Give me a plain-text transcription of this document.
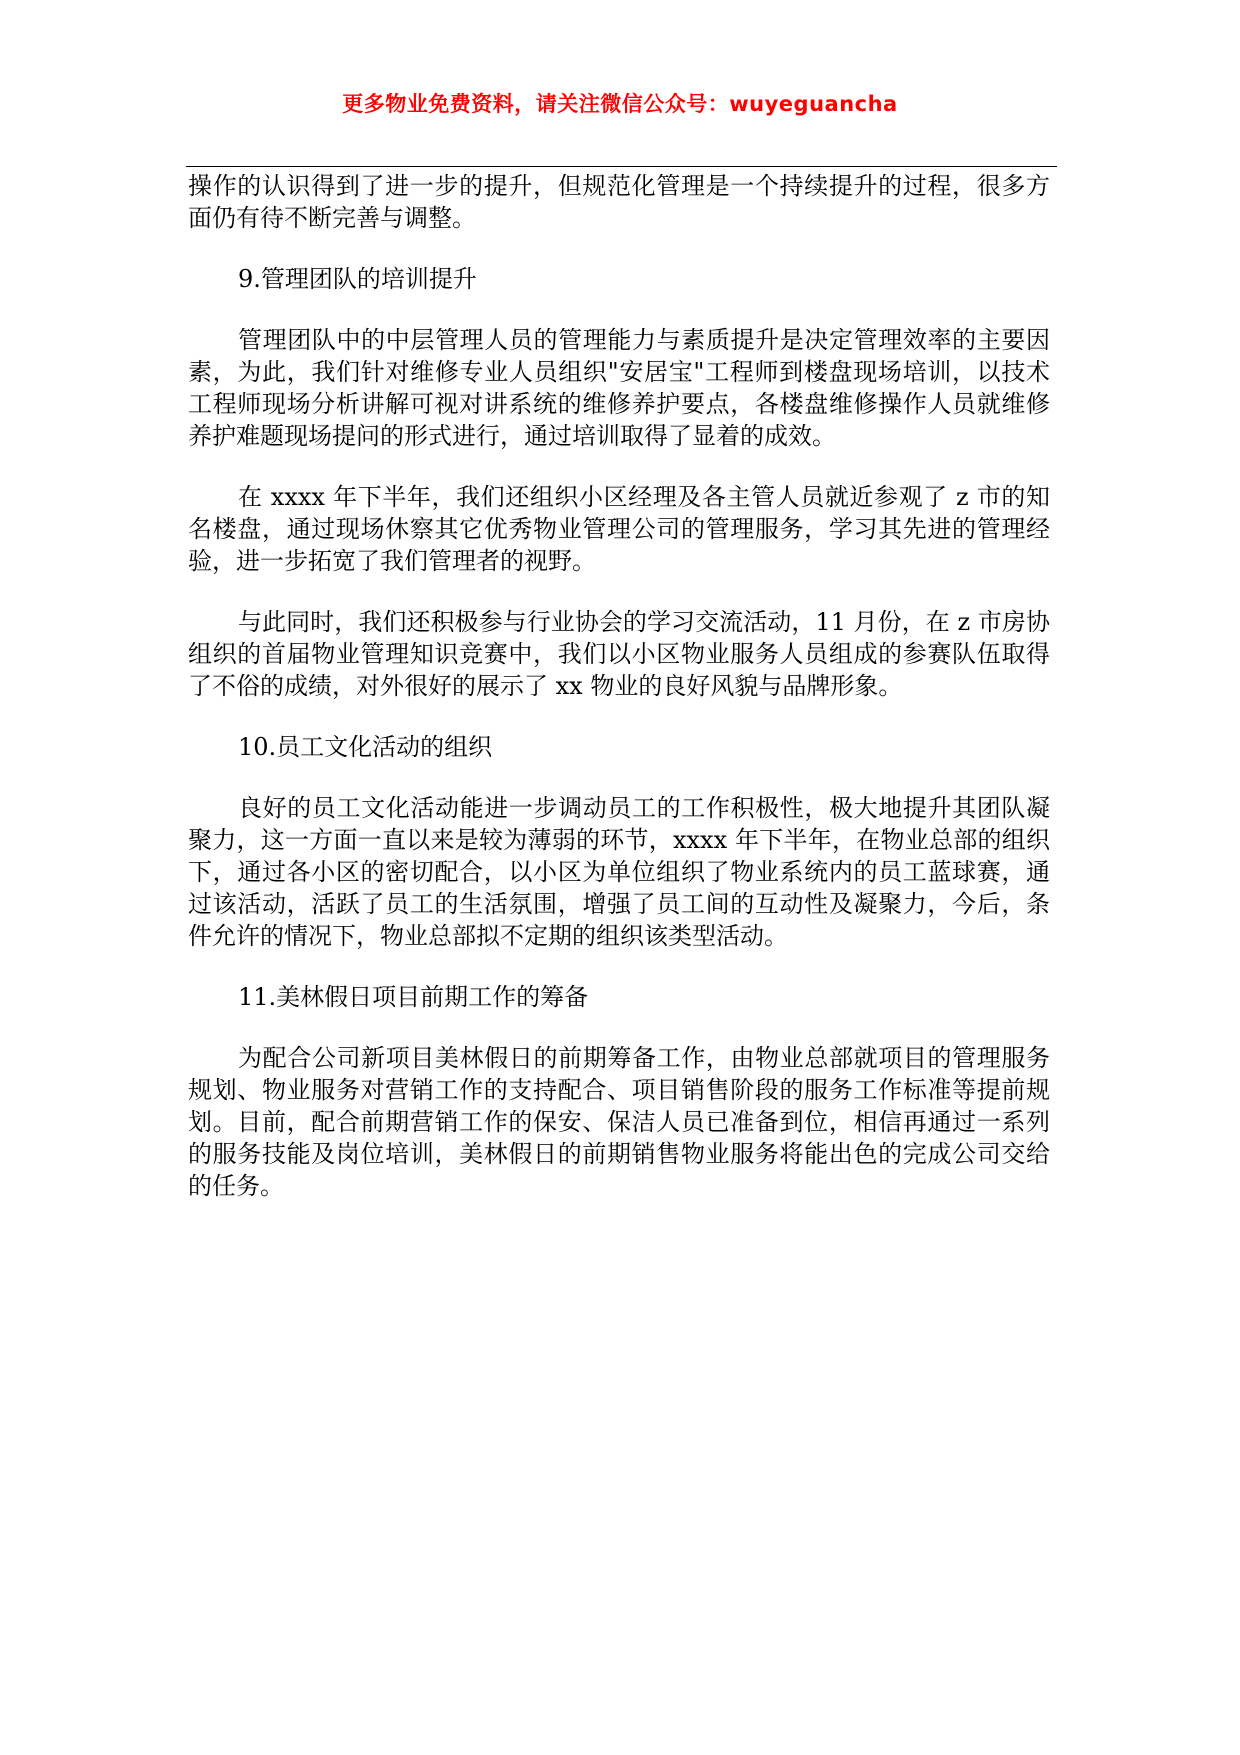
更多物业免费资料，请关注微信公众号：wuyeguancha

操作的认识得到了进一步的提升，但规范化管理是一个持续提升的过程，很多方面仍有待不断完善与调整。

9.管理团队的培训提升

管理团队中的中层管理人员的管理能力与素质提升是决定管理效率的主要因素，为此，我们针对维修专业人员组织"安居宝"工程师到楼盘现场培训，以技术工程师现场分析讲解可视对讲系统的维修养护要点，各楼盘维修操作人员就维修养护难题现场提问的形式进行，通过培训取得了显着的成效。

在 xxxx 年下半年，我们还组织小区经理及各主管人员就近参观了 z 市的知名楼盘，通过现场休察其它优秀物业管理公司的管理服务，学习其先进的管理经验，进一步拓宽了我们管理者的视野。

与此同时，我们还积极参与行业协会的学习交流活动，11 月份，在 z 市房协组织的首届物业管理知识竞赛中，我们以小区物业服务人员组成的参赛队伍取得了不俗的成绩，对外很好的展示了 xx 物业的良好风貌与品牌形象。

10.员工文化活动的组织

良好的员工文化活动能进一步调动员工的工作积极性，极大地提升其团队凝聚力，这一方面一直以来是较为薄弱的环节，xxxx 年下半年，在物业总部的组织下，通过各小区的密切配合，以小区为单位组织了物业系统内的员工蓝球赛，通过该活动，活跃了员工的生活氛围，增强了员工间的互动性及凝聚力，今后，条件允许的情况下，物业总部拟不定期的组织该类型活动。

11.美林假日项目前期工作的筹备

为配合公司新项目美林假日的前期筹备工作，由物业总部就项目的管理服务规划、物业服务对营销工作的支持配合、项目销售阶段的服务工作标准等提前规划。目前，配合前期营销工作的保安、保洁人员已准备到位，相信再通过一系列的服务技能及岗位培训，美林假日的前期销售物业服务将能出色的完成公司交给的任务。
